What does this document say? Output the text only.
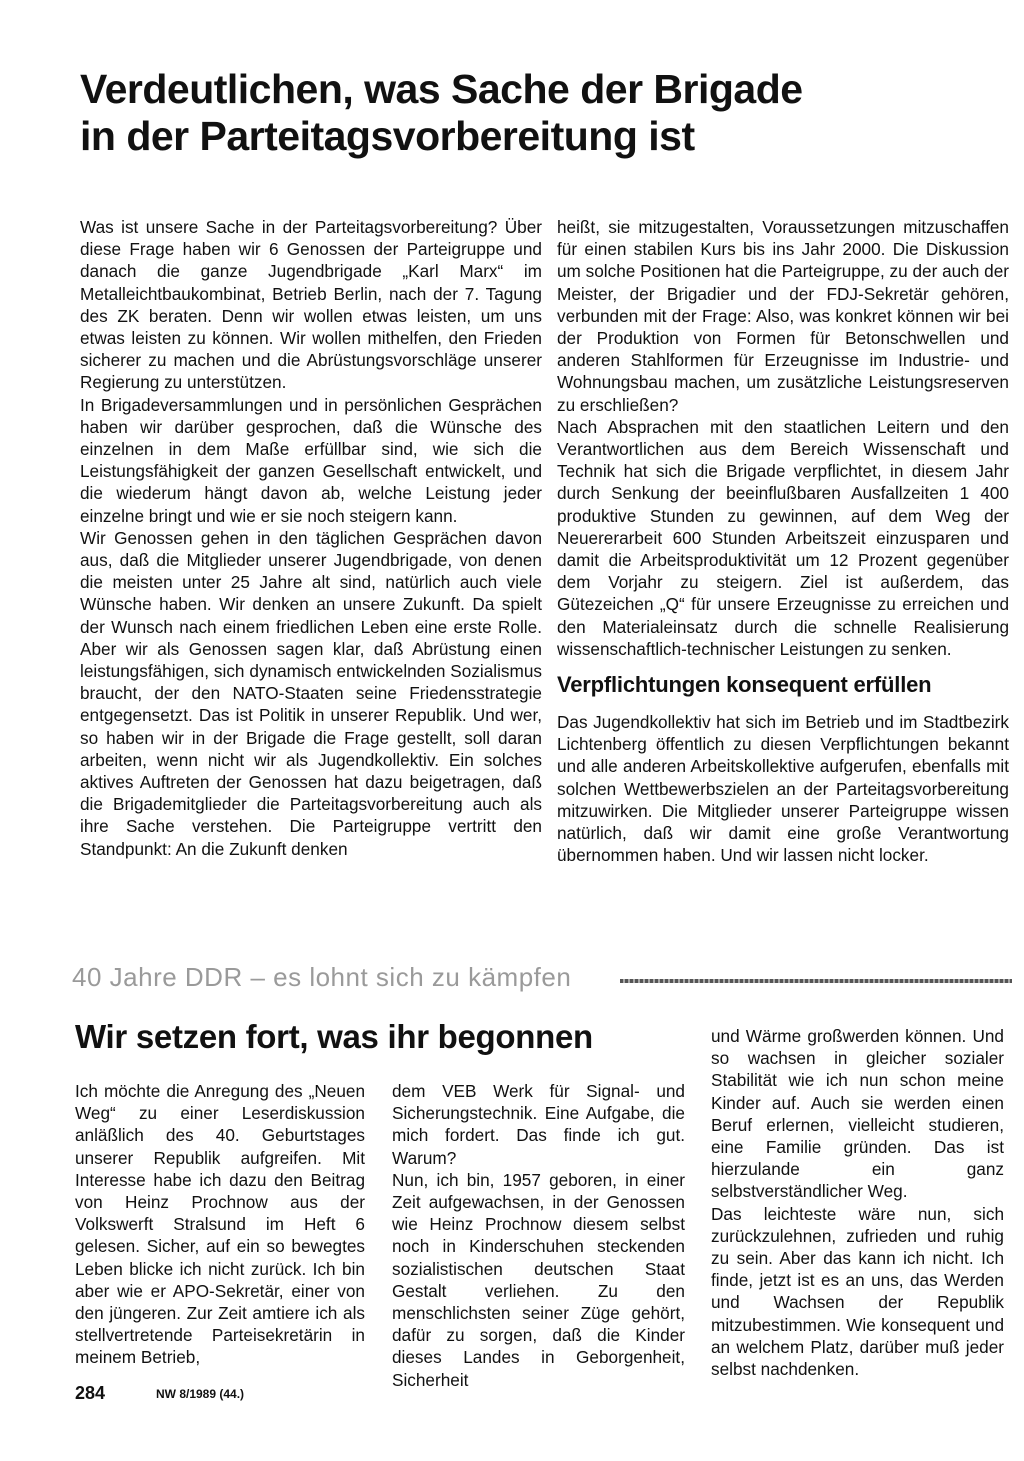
Verdeutlichen, was Sache der Brigade
in der Parteitagsvorbereitung ist

Was ist unsere Sache in der Parteitagsvorbereitung? Über diese Frage haben wir 6 Genossen der Parteigruppe und danach die ganze Jugendbrigade „Karl Marx“ im Metalleichtbaukombinat, Betrieb Berlin, nach der 7. Tagung des ZK beraten. Denn wir wollen etwas leisten, um uns etwas leisten zu können. Wir wollen mithelfen, den Frieden sicherer zu machen und die Abrüstungsvorschläge unserer Regierung zu unterstützen.

In Brigadeversammlungen und in persönlichen Gesprächen haben wir darüber gesprochen, daß die Wünsche des einzelnen in dem Maße erfüllbar sind, wie sich die Leistungsfähigkeit der ganzen Gesellschaft entwickelt, und die wiederum hängt davon ab, welche Leistung jeder einzelne bringt und wie er sie noch steigern kann.

Wir Genossen gehen in den täglichen Gesprächen davon aus, daß die Mitglieder unserer Jugendbrigade, von denen die meisten unter 25 Jahre alt sind, natürlich auch viele Wünsche haben. Wir denken an unsere Zukunft. Da spielt der Wunsch nach einem friedlichen Leben eine erste Rolle. Aber wir als Genossen sagen klar, daß Abrüstung einen leistungsfähigen, sich dynamisch entwickelnden Sozialismus braucht, der den NATO-Staaten seine Friedensstrategie entgegensetzt. Das ist Politik in unserer Republik. Und wer, so haben wir in der Brigade die Frage gestellt, soll daran arbeiten, wenn nicht wir als Jugendkollektiv. Ein solches aktives Auftreten der Genossen hat dazu beigetragen, daß die Brigademitglieder die Parteitagsvorbereitung auch als ihre Sache verstehen. Die Parteigruppe vertritt den Standpunkt: An die Zukunft denken

heißt, sie mitzugestalten, Voraussetzungen mitzuschaffen für einen stabilen Kurs bis ins Jahr 2000. Die Diskussion um solche Positionen hat die Parteigruppe, zu der auch der Meister, der Brigadier und der FDJ-Sekretär gehören, verbunden mit der Frage: Also, was konkret können wir bei der Produktion von Formen für Betonschwellen und anderen Stahlformen für Erzeugnisse im Industrie- und Wohnungsbau machen, um zusätzliche Leistungsreserven zu erschließen?

Nach Absprachen mit den staatlichen Leitern und den Verantwortlichen aus dem Bereich Wissenschaft und Technik hat sich die Brigade verpflichtet, in diesem Jahr durch Senkung der beeinflußbaren Ausfallzeiten 1 400 produktive Stunden zu gewinnen, auf dem Weg der Neuererarbeit 600 Stunden Arbeitszeit einzusparen und damit die Arbeitsproduktivität um 12 Prozent gegenüber dem Vorjahr zu steigern. Ziel ist außerdem, das Gütezeichen „Q“ für unsere Erzeugnisse zu erreichen und den Materialeinsatz durch die schnelle Realisierung wissenschaftlich-technischer Leistungen zu senken.

Verpflichtungen konsequent erfüllen

Das Jugendkollektiv hat sich im Betrieb und im Stadtbezirk Lichtenberg öffentlich zu diesen Verpflichtungen bekannt und alle anderen Arbeitskollektive aufgerufen, ebenfalls mit solchen Wettbewerbszielen an der Parteitagsvorbereitung mitzuwirken. Die Mitglieder unserer Parteigruppe wissen natürlich, daß wir damit eine große Verantwortung übernommen haben. Und wir lassen nicht locker.

40 Jahre DDR – es lohnt sich zu kämpfen
Wir setzen fort, was ihr begonnen

Ich möchte die Anregung des „Neuen Weg“ zu einer Leserdiskussion anläßlich des 40. Geburtstages unserer Republik aufgreifen. Mit Interesse habe ich dazu den Beitrag von Heinz Prochnow aus der Volkswerft Stralsund im Heft 6 gelesen. Sicher, auf ein so bewegtes Leben blicke ich nicht zurück. Ich bin aber wie er APO-Sekretär, einer von den jüngeren. Zur Zeit amtiere ich als stellvertretende Parteisekretärin in meinem Betrieb,

dem VEB Werk für Signal- und Sicherungstechnik. Eine Aufgabe, die mich fordert. Das finde ich gut. Warum?

Nun, ich bin, 1957 geboren, in einer Zeit aufgewachsen, in der Genossen wie Heinz Prochnow diesem selbst noch in Kinderschuhen steckenden sozialistischen deutschen Staat Gestalt verliehen. Zu den menschlichsten seiner Züge gehört, dafür zu sorgen, daß die Kinder dieses Landes in Geborgenheit, Sicherheit

und Wärme großwerden können. Und so wachsen in gleicher sozialer Stabilität wie ich nun schon meine Kinder auf. Auch sie werden einen Beruf erlernen, vielleicht studieren, eine Familie gründen. Das ist hierzulande ein ganz selbstverständlicher Weg.

Das leichteste wäre nun, sich zurückzulehnen, zufrieden und ruhig zu sein. Aber das kann ich nicht. Ich finde, jetzt ist es an uns, das Werden und Wachsen der Republik mitzubestimmen. Wie konsequent und an welchem Platz, darüber muß jeder selbst nachdenken.

284	NW 8/1989 (44.)
